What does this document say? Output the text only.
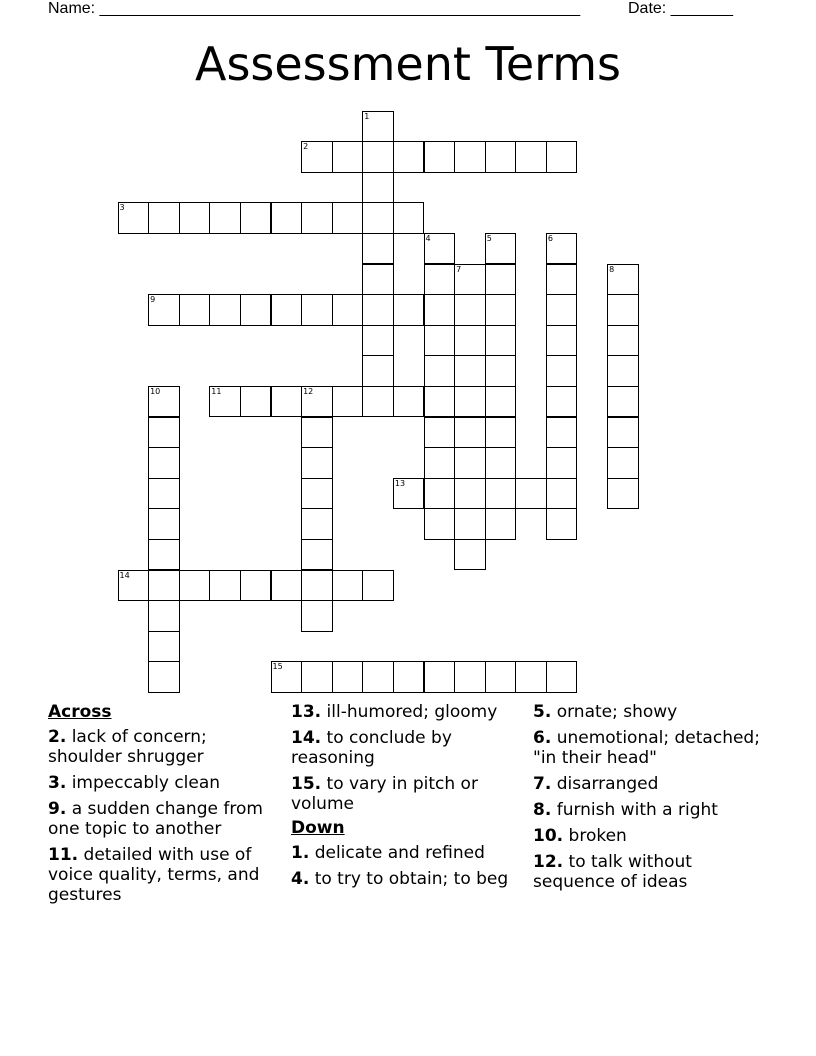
Name: ______________________________________________________	Date: _______
Assessment Terms
1
2
3
4	5	6
7	8
9
10	11	12
13
14
15
Across
2. lack of concern; shoulder shrugger
3. impeccably clean
9. a sudden change from one topic to another
11. detailed with use of voice quality, terms, and gestures
13. ill-humored; gloomy
14. to conclude by reasoning
15. to vary in pitch or volume
Down
1. delicate and refined
4. to try to obtain; to beg
5. ornate; showy
6. unemotional; detached; "in their head"
7. disarranged
8. furnish with a right
10. broken
12. to talk without sequence of ideas
